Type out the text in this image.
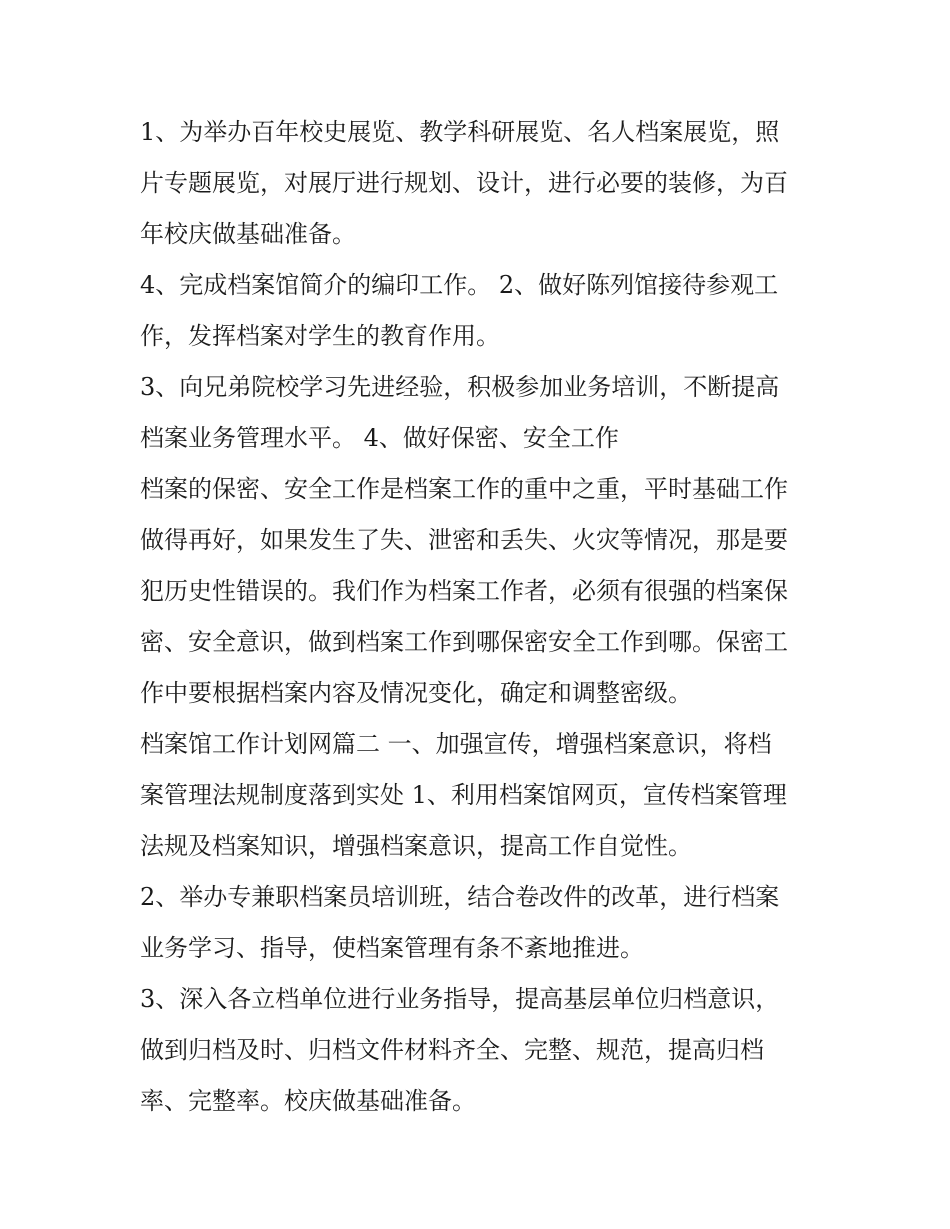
1、为举办百年校史展览、教学科研展览、名人档案展览，照
片专题展览，对展厅进行规划、设计，进行必要的装修，为百
年校庆做基础准备。
4、完成档案馆简介的编印工作。 2、做好陈列馆接待参观工
作，发挥档案对学生的教育作用。
3、向兄弟院校学习先进经验，积极参加业务培训，不断提高
档案业务管理水平。 4、做好保密、安全工作
档案的保密、安全工作是档案工作的重中之重，平时基础工作
做得再好，如果发生了失、泄密和丢失、火灾等情况，那是要
犯历史性错误的。我们作为档案工作者，必须有很强的档案保
密、安全意识，做到档案工作到哪保密安全工作到哪。保密工
作中要根据档案内容及情况变化，确定和调整密级。
档案馆工作计划网篇二 一、加强宣传，增强档案意识，将档
案管理法规制度落到实处 1、利用档案馆网页，宣传档案管理
法规及档案知识，增强档案意识，提高工作自觉性。
2、举办专兼职档案员培训班，结合卷改件的改革，进行档案
业务学习、指导，使档案管理有条不紊地推进。
3、深入各立档单位进行业务指导，提高基层单位归档意识，
做到归档及时、归档文件材料齐全、完整、规范，提高归档
率、完整率。校庆做基础准备。
